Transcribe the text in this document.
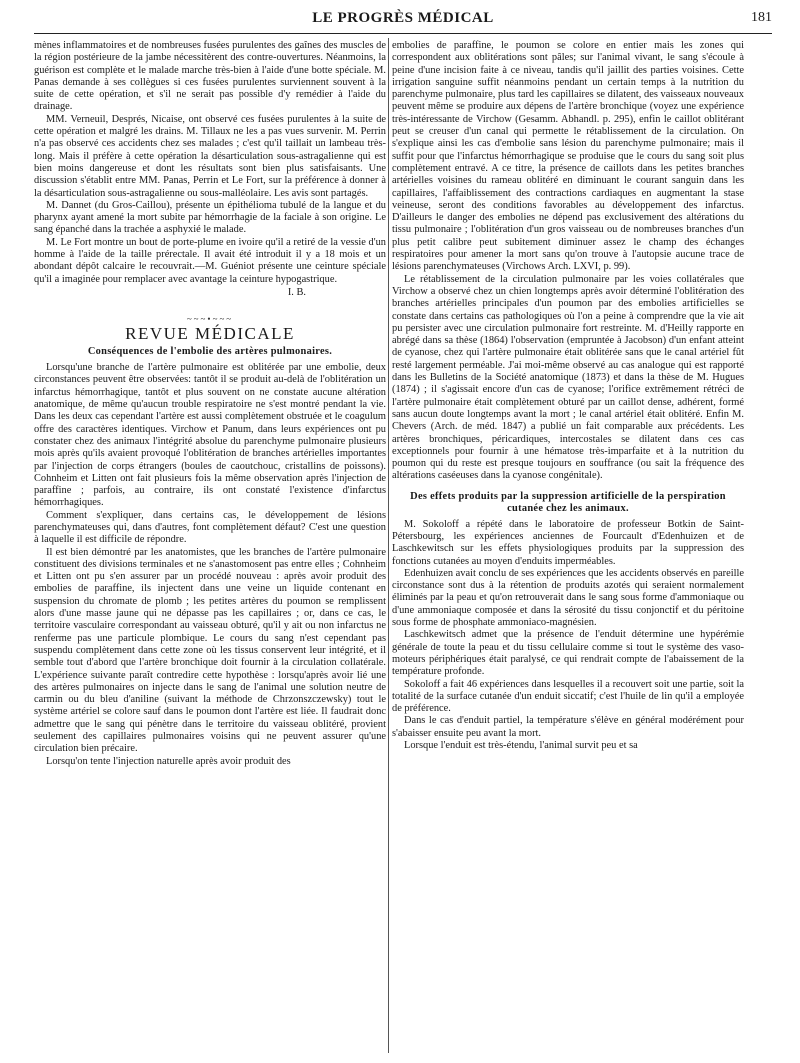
LE PROGRÈS MÉDICAL	181

mènes inflammatoires et de nombreuses fusées purulentes des gaînes des muscles de la région postérieure de la jambe nécessitèrent des contre-ouvertures. Néanmoins, la guérison est complète et le malade marche très-bien à l'aide d'une botte spéciale. M. Panas demande à ses collègues si ces fusées purulentes surviennent souvent à la suite de cette opération, et s'il ne serait pas possible d'y remédier à l'aide du drainage.

MM. Verneuil, Després, Nicaise, ont observé ces fusées purulentes à la suite de cette opération et malgré les drains. M. Tillaux ne les a pas vues survenir. M. Perrin n'a pas observé ces accidents chez ses malades ; c'est qu'il taillait un lambeau très-long. Mais il préfère à cette opération la désarticulation sous-astragalienne qui est bien moins dangereuse et dont les résultats sont bien plus satisfaisants. Une discussion s'établit entre MM. Panas, Perrin et Le Fort, sur la préférence à donner à la désarticulation sous-astragalienne ou sous-malléolaire. Les avis sont partagés.

M. Dannet (du Gros-Caillou), présente un épithélioma tubulé de la langue et du pharynx ayant amené la mort subite par hémorrhagie de la faciale à son origine. Le sang épanché dans la trachée a asphyxié le malade.

M. Le Fort montre un bout de porte-plume en ivoire qu'il a retiré de la vessie d'un homme à l'aide de la taille prérectale. Il avait été introduit il y a 18 mois et un abondant dépôt calcaire le recouvrait.—M. Guéniot présente une ceinture spéciale qu'il a imaginée pour remplacer avec avantage la ceinture hypogastrique.

I. B.
~~~•~~~
REVUE MÉDICALE
Conséquences de l'embolie des artères pulmonaires.

Lorsqu'une branche de l'artère pulmonaire est oblitérée par une embolie, deux circonstances peuvent être observées: tantôt il se produit au-delà de l'oblitération un infarctus hémorrhagique, tantôt et plus souvent on ne constate aucune altération anatomique, de même qu'aucun trouble respiratoire ne s'est montré pendant la vie. Dans les deux cas cependant l'artère est aussi complètement obstruée et le coagulum offre des caractères identiques. Virchow et Panum, dans leurs expériences ont pu constater chez des animaux l'intégrité absolue du parenchyme pulmonaire plusieurs mois après qu'ils avaient provoqué l'oblitération de branches artérielles importantes par l'injection de corps étrangers (boules de caoutchouc, cristallins de poissons). Cohnheim et Litten ont fait plusieurs fois la même observation après l'injection de paraffine ; parfois, au contraire, ils ont constaté l'existence d'infarctus hémorrhagiques.

Comment s'expliquer, dans certains cas, le développement de lésions parenchymateuses qui, dans d'autres, font complètement défaut? C'est une question à laquelle il est difficile de répondre.

Il est bien démontré par les anatomistes, que les branches de l'artère pulmonaire constituent des divisions terminales et ne s'anastomosent pas entre elles ; Cohnheim et Litten ont pu s'en assurer par un procédé nouveau : après avoir produit des embolies de paraffine, ils injectent dans une veine un liquide contenant en suspension du chromate de plomb ; les petites artères du poumon se remplissent alors d'une masse jaune qui ne dépasse pas les capillaires ; or, dans ce cas, le territoire vasculaire correspondant au vaisseau obturé, qu'il y ait ou non infarctus ne renferme pas une particule plombique. Le cours du sang n'est cependant pas suspendu complètement dans cette zone où les tissus conservent leur intégrité, et il semble tout d'abord que l'artère bronchique doit fournir à la circulation collatérale. L'expérience suivante paraît contredire cette hypothèse : lorsqu'après avoir lié une des artères pulmonaires on injecte dans le sang de l'animal une solution neutre de carmin ou du bleu d'aniline (suivant la méthode de Chrzonszczewsky) tout le système artériel se colore sauf dans le poumon dont l'artère est liée. Il faudrait donc admettre que le sang qui pénètre dans le territoire du vaisseau oblitéré, provient seulement des capillaires pulmonaires voisins qui ne peuvent assurer qu'une circulation bien précaire.

Lorsqu'on tente l'injection naturelle après avoir produit des

embolies de paraffine, le poumon se colore en entier mais les zones qui correspondent aux oblitérations sont pâles; sur l'animal vivant, le sang s'écoule à peine d'une incision faite à ce niveau, tandis qu'il jaillit des parties voisines. Cette irrigation sanguine suffit néanmoins pendant un certain temps à la nutrition du parenchyme pulmonaire, plus tard les capillaires se dilatent, des vaisseaux nouveaux peuvent même se produire aux dépens de l'artère bronchique (voyez une expérience très-intéressante de Virchow (Gesamm. Abhandl. p. 295), enfin le caillot oblitérant peut se creuser d'un canal qui permette le rétablissement de la circulation. On s'explique ainsi les cas d'embolie sans lésion du parenchyme pulmonaire; mais il suffit pour que l'infarctus hémorrhagique se produise que le cours du sang soit plus complètement entravé. A ce titre, la présence de caillots dans les petites branches artérielles voisines du rameau oblitéré en diminuant le courant sanguin dans les capillaires, l'affaiblissement des contractions cardiaques en augmentant la stase veineuse, seront des conditions favorables au développement des infarctus. D'ailleurs le danger des embolies ne dépend pas exclusivement des altérations du tissu pulmonaire ; l'oblitération d'un gros vaisseau ou de nombreuses branches d'un plus petit calibre peut subitement diminuer assez le champ des échanges respiratoires pour amener la mort sans qu'on trouve à l'autopsie aucune trace de lésions parenchymateuses (Virchows Arch. LXVI, p. 99).

Le rétablissement de la circulation pulmonaire par les voies collatérales que Virchow a observé chez un chien longtemps après avoir déterminé l'oblitération des branches artérielles principales d'un poumon par des embolies artificielles se constate dans certains cas pathologiques où l'on a peine à comprendre que la vie ait pu persister avec une circulation pulmonaire fort restreinte. M. d'Heilly rapporte en abrégé dans sa thèse (1864) l'observation (empruntée à Jacobson) d'un enfant atteint de cyanose, chez qui l'artère pulmonaire était oblitérée sans que le canal artériel fût resté largement perméable. J'ai moi-même observé au cas analogue qui est rapporté dans les Bulletins de la Société anatomique (1873) et dans la thèse de M. Hugues (1874) ; il s'agissait encore d'un cas de cyanose; l'orifice extrêmement rétréci de l'artère pulmonaire était complètement obturé par un caillot dense, adhérent, formé sans aucun doute longtemps avant la mort ; le canal artériel était oblitéré. Enfin M. Chevers (Arch. de méd. 1847) a publié un fait comparable aux précédents. Les artères bronchiques, péricardiques, intercostales se dilatent dans ces cas exceptionnels pour fournir à une hématose très-imparfaite et à la nutrition du poumon qui du reste est presque toujours en souffrance (ou sait la fréquence des altérations caséeuses dans la cyanose congénitale).

Des effets produits par la suppression artificielle de la perspiration cutanée chez les animaux.

M. Sokoloff a répété dans le laboratoire de professeur Botkin de Saint-Pétersbourg, les expériences anciennes de Fourcault d'Edenhuizen et de Laschkewitsch sur les effets physiologiques produits par la suppression des fonctions cutanées au moyen d'enduits imperméables.

Edenhuizen avait conclu de ses expériences que les accidents observés en pareille circonstance sont dus à la rétention de produits azotés qui seraient normalement éliminés par la peau et qu'on retrouverait dans le sang sous forme d'ammoniaque ou d'une ammoniaque composée et dans la sérosité du tissu conjonctif et du péritoine sous forme de phosphate ammoniaco-magnésien.

Laschkewitsch admet que la présence de l'enduit détermine une hypérémie générale de toute la peau et du tissu cellulaire comme si tout le système des vaso-moteurs périphériques était paralysé, ce qui rendrait compte de l'abaissement de la température profonde.

Sokoloff a fait 46 expériences dans lesquelles il a recouvert soit une partie, soit la totalité de la surface cutanée d'un enduit siccatif; c'est l'huile de lin qu'il a employée de préférence.

Dans le cas d'enduit partiel, la température s'élève en général modérément pour s'abaisser ensuite peu avant la mort.

Lorsque l'enduit est très-étendu, l'animal survit peu et sa
